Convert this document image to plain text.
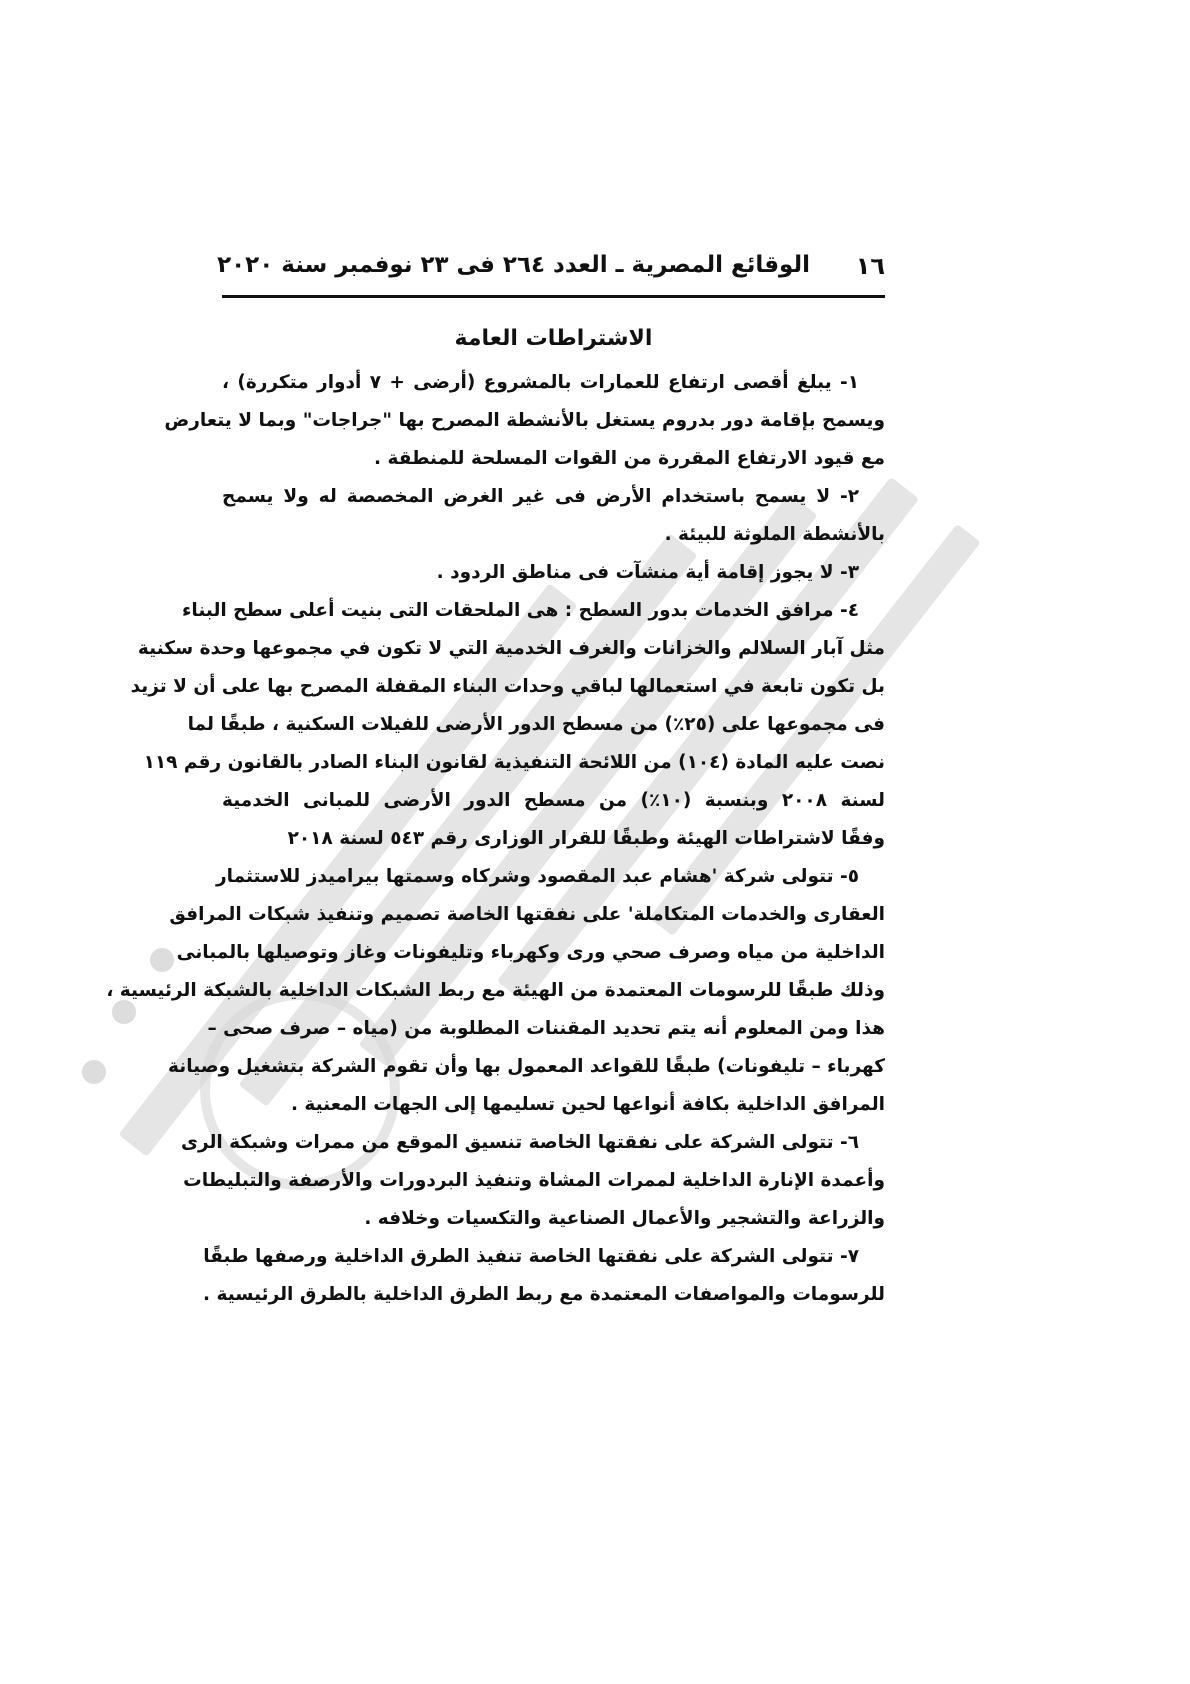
١٦
الوقائع المصرية ـ العدد ٢٦٤ فى ٢٣ نوفمبر سنة ٢٠٢٠
الاشتراطات العامة
١- يبلغ أقصى ارتفاع للعمارات بالمشروع (أرضى + ٧ أدوار متكررة) ،
ويسمح بإقامة دور بدروم يستغل بالأنشطة المصرح بها "جراجات" وبما لا يتعارض
مع قيود الارتفاع المقررة من القوات المسلحة للمنطقة .
٢- لا يسمح باستخدام الأرض فى غير الغرض المخصصة له ولا يسمح
بالأنشطة الملوثة للبيئة .
٣- لا يجوز إقامة أية منشآت فى مناطق الردود .
٤- مرافق الخدمات بدور السطح : هى الملحقات التى بنيت أعلى سطح البناء
مثل آبار السلالم والخزانات والغرف الخدمية التي لا تكون في مجموعها وحدة سكنية
بل تكون تابعة في استعمالها لباقي وحدات البناء المقفلة المصرح بها على أن لا تزيد
فى مجموعها على (٢٥٪) من مسطح الدور الأرضى للفيلات السكنية ، طبقًا لما
نصت عليه المادة (١٠٤) من اللائحة التنفيذية لقانون البناء الصادر بالقانون رقم ١١٩
لسنة ٢٠٠٨ وبنسبة (١٠٪) من مسطح الدور الأرضى للمبانى الخدمية
وفقًا لاشتراطات الهيئة وطبقًا للقرار الوزارى رقم ٥٤٣ لسنة ٢٠١٨
٥- تتولى شركة 'هشام عبد المقصود وشركاه وسمتها بيراميدز للاستثمار
العقارى والخدمات المتكاملة' على نفقتها الخاصة تصميم وتنفيذ شبكات المرافق
الداخلية من مياه وصرف صحي ورى وكهرباء وتليفونات وغاز وتوصيلها بالمبانى
وذلك طبقًا للرسومات المعتمدة من الهيئة مع ربط الشبكات الداخلية بالشبكة الرئيسية ،
هذا ومن المعلوم أنه يتم تحديد المقننات المطلوبة من (مياه – صرف صحى –
كهرباء – تليفونات) طبقًا للقواعد المعمول بها وأن تقوم الشركة بتشغيل وصيانة
المرافق الداخلية بكافة أنواعها لحين تسليمها إلى الجهات المعنية .
٦- تتولى الشركة على نفقتها الخاصة تنسيق الموقع من ممرات وشبكة الرى
وأعمدة الإنارة الداخلية لممرات المشاة وتنفيذ البردورات والأرصفة والتبليطات
والزراعة والتشجير والأعمال الصناعية والتكسيات وخلافه .
٧- تتولى الشركة على نفقتها الخاصة تنفيذ الطرق الداخلية ورصفها طبقًا
للرسومات والمواصفات المعتمدة مع ربط الطرق الداخلية بالطرق الرئيسية .
